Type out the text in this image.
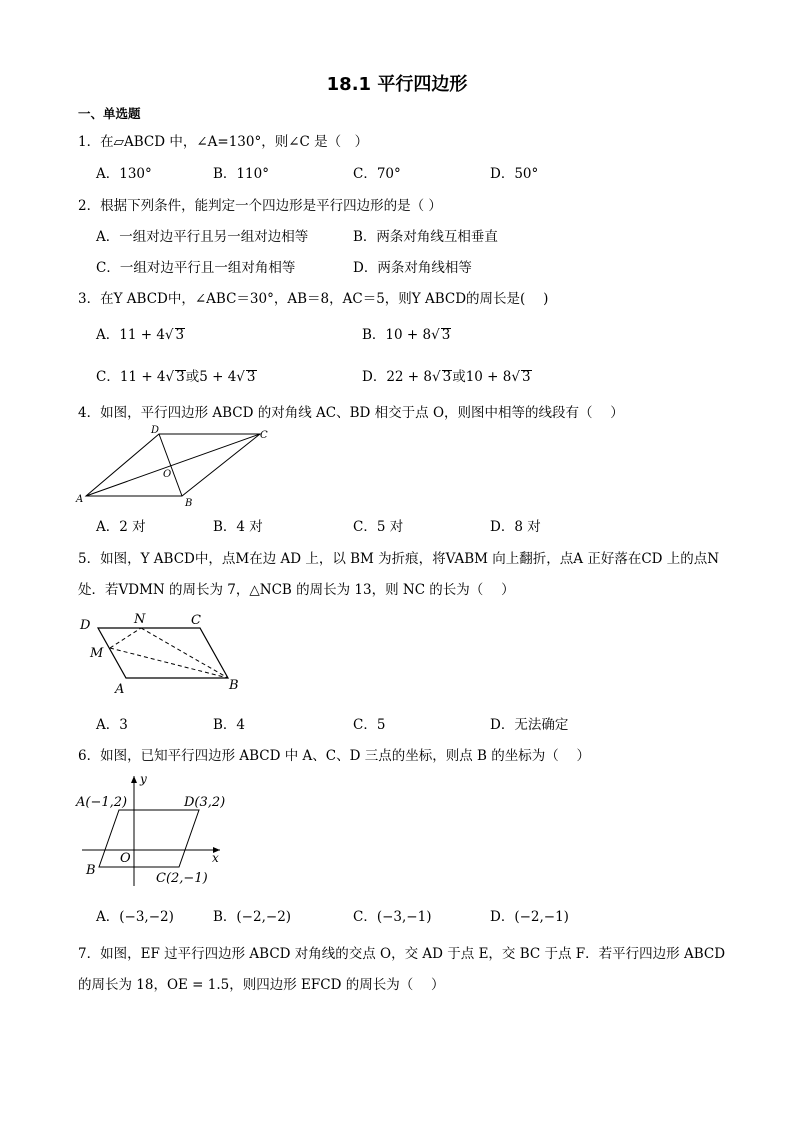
18.1 平行四边形
一、单选题
1．在▱ABCD 中，∠A=130°，则∠C 是（　）
A．130°	B．110°	C．70°	D．50°
2．根据下列条件，能判定一个四边形是平行四边形的是（ ）
A．一组对边平行且另一组对边相等	B．两条对角线互相垂直
C．一组对边平行且一组对角相等	D．两条对角线相等
3．在Y ABCD中，∠ABC＝30°，AB＝8，AC＝5，则Y ABCD的周长是(　 )
A．11 + 4√ 3	B．10 + 8√ 3
C．11 + 4√ 3或5 + 4√ 3	D．22 + 8√ 3或10 + 8√ 3
4．如图，平行四边形 ABCD 的对角线 AC、BD 相交于点 O，则图中相等的线段有（　 ）
A	B
C
D
O
A．2 对	B．4 对	C．5 对	D．8 对
5．如图，Y ABCD中，点M在边 AD 上，以 BM 为折痕，将VABM 向上翻折，点A 正好落在CD 上的点N
处．若VDMN 的周长为 7，△NCB 的周长为 13，则 NC 的长为（　 ）
D	N	C
M
A	B
A．3	B．4	C．5	D．无法确定
6．如图，已知平行四边形 ABCD 中 A、C、D 三点的坐标，则点 B 的坐标为（　 ）
y
x
A(−1,2)	D(3,2)
O
B
C(2,−1)
A．(−3,−2)	B．(−2,−2)	C．(−3,−1)	D．(−2,−1)
7．如图，EF 过平行四边形 ABCD 对角线的交点 O，交 AD 于点 E，交 BC 于点 F．若平行四边形 ABCD
的周长为 18，OE = 1.5，则四边形 EFCD 的周长为（　 ）
